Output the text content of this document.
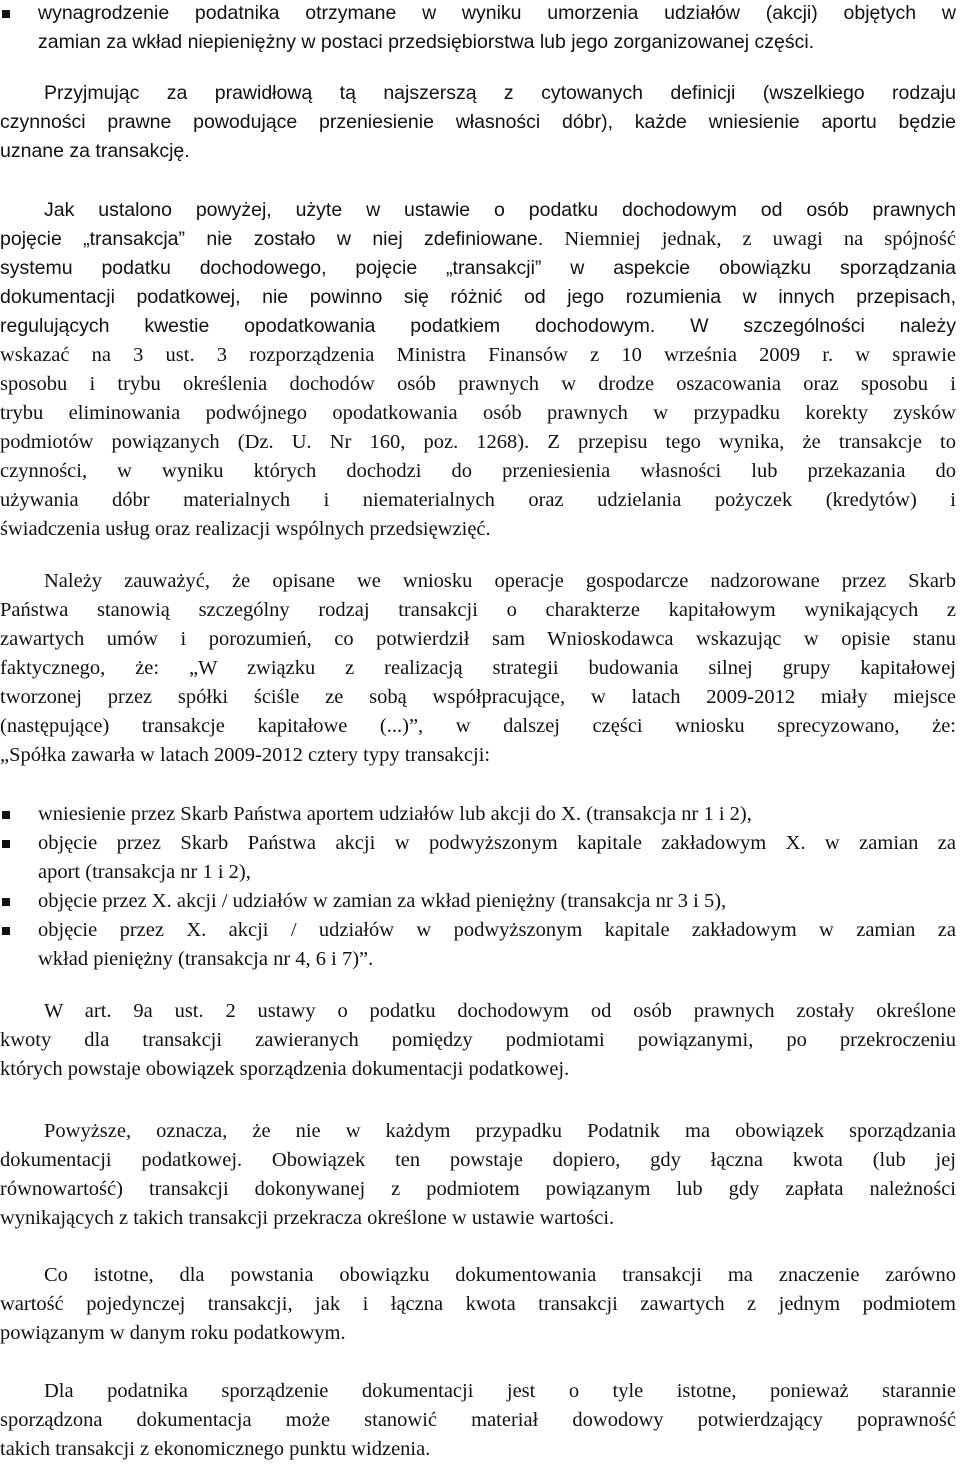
wynagrodzenie podatnika otrzymane w wyniku umorzenia udziałów (akcji) objętych w
zamian za wkład niepieniężny w postaci przedsiębiorstwa lub jego zorganizowanej części.
Przyjmując za prawidłową tą najszerszą z cytowanych definicji (wszelkiego rodzaju
czynności prawne powodujące przeniesienie własności dóbr), każde wniesienie aportu będzie
uznane za transakcję.
Jak ustalono powyżej, użyte w ustawie o podatku dochodowym od osób prawnych
pojęcie „transakcja” nie zostało w niej zdefiniowane. Niemniej jednak, z uwagi na spójność
systemu podatku dochodowego, pojęcie „transakcji” w aspekcie obowiązku sporządzania
dokumentacji podatkowej, nie powinno się różnić od jego rozumienia w innych przepisach,
regulujących kwestie opodatkowania podatkiem dochodowym. W szczególności należy
wskazać na 3 ust. 3 rozporządzenia Ministra Finansów z 10 września 2009 r. w sprawie
sposobu i trybu określenia dochodów osób prawnych w drodze oszacowania oraz sposobu i
trybu eliminowania podwójnego opodatkowania osób prawnych w przypadku korekty zysków
podmiotów powiązanych (Dz. U. Nr 160, poz. 1268). Z przepisu tego wynika, że transakcje to
czynności, w wyniku których dochodzi do przeniesienia własności lub przekazania do
używania dóbr materialnych i niematerialnych oraz udzielania pożyczek (kredytów) i
świadczenia usług oraz realizacji wspólnych przedsięwzięć.
Należy zauważyć, że opisane we wniosku operacje gospodarcze nadzorowane przez Skarb
Państwa stanowią szczególny rodzaj transakcji o charakterze kapitałowym wynikających z
zawartych umów i porozumień, co potwierdził sam Wnioskodawca wskazując w opisie stanu
faktycznego, że: „W związku z realizacją strategii budowania silnej grupy kapitałowej
tworzonej przez spółki ściśle ze sobą współpracujące, w latach 2009-2012 miały miejsce
(następujące) transakcje kapitałowe (...)”, w dalszej części wniosku sprecyzowano, że:
„Spółka zawarła w latach 2009-2012 cztery typy transakcji:
wniesienie przez Skarb Państwa aportem udziałów lub akcji do X. (transakcja nr 1 i 2),
objęcie przez Skarb Państwa akcji w podwyższonym kapitale zakładowym X. w zamian za
aport (transakcja nr 1 i 2),
objęcie przez X. akcji / udziałów w zamian za wkład pieniężny (transakcja nr 3 i 5),
objęcie przez X. akcji / udziałów w podwyższonym kapitale zakładowym w zamian za
wkład pieniężny (transakcja nr 4, 6 i 7)”.
W art. 9a ust. 2 ustawy o podatku dochodowym od osób prawnych zostały określone
kwoty dla transakcji zawieranych pomiędzy podmiotami powiązanymi, po przekroczeniu
których powstaje obowiązek sporządzenia dokumentacji podatkowej.
Powyższe, oznacza, że nie w każdym przypadku Podatnik ma obowiązek sporządzania
dokumentacji podatkowej. Obowiązek ten powstaje dopiero, gdy łączna kwota (lub jej
równowartość) transakcji dokonywanej z podmiotem powiązanym lub gdy zapłata należności
wynikających z takich transakcji przekracza określone w ustawie wartości.
Co istotne, dla powstania obowiązku dokumentowania transakcji ma znaczenie zarówno
wartość pojedynczej transakcji, jak i łączna kwota transakcji zawartych z jednym podmiotem
powiązanym w danym roku podatkowym.
Dla podatnika sporządzenie dokumentacji jest o tyle istotne, ponieważ starannie
sporządzona dokumentacja może stanowić materiał dowodowy potwierdzający poprawność
takich transakcji z ekonomicznego punktu widzenia.
